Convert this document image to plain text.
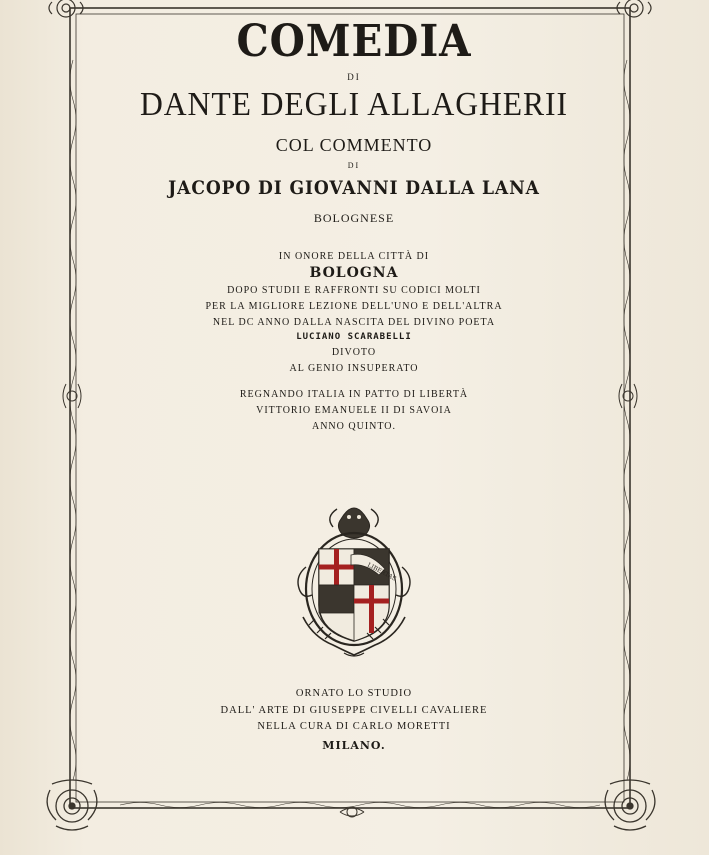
COMEDIA
DI
DANTE DEGLI ALLAGHERII
COL COMMENTO
DI
JACOPO DI GIOVANNI DALLA LANA
BOLOGNESE
IN ONORE DELLA CITTÀ DI
BOLOGNA
DOPO STUDII E RAFFRONTI SU CODICI MOLTI
PER LA MIGLIORE LEZIONE DELL'UNO E DELL'ALTRA
NEL DC ANNO DALLA NASCITA DEL DIVINO POETA
LUCIANO SCARABELLI
DIVOTO
AL GENIO INSUPERATO
REGNANDO ITALIA IN PATTO DI LIBERTÀ
VITTORIO EMANUELE II DI SAVOIA
ANNO QUINTO.
LIBERTAS
ORNATO LO STUDIO
DALL' ARTE DI GIUSEPPE CIVELLI CAVALIERE
NELLA CURA DI CARLO MORETTI
MILANO.
